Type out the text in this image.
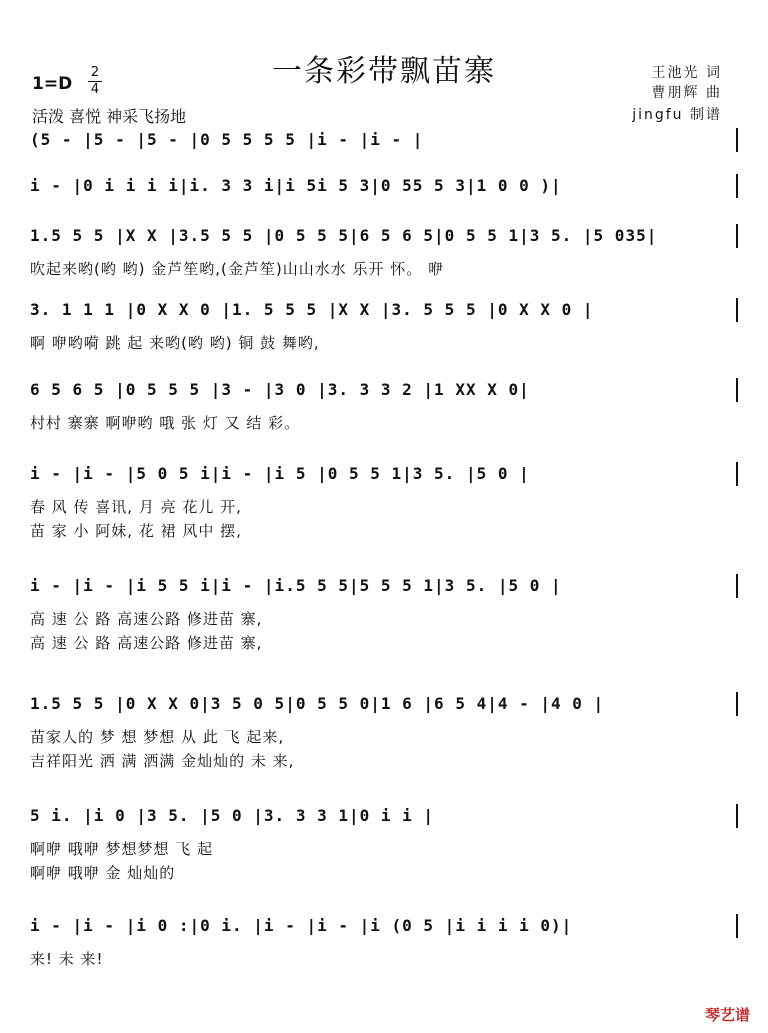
一条彩带飘苗寨
1=D
2
4
活泼 喜悦 神采飞扬地
王池光 词
曹朋辉 曲
jingfu 制谱
(5 - |5 - |5 - |0 5 5 5 5 |i - |i - |
i - |0 i i i i|i. 3 3 i|i 5i 5 3|0 55 5 3|1 0 0 )|
1.5 5 5 |X X |3.5 5 5 |0 5 5 5|6 5 6 5|0 5 5 1|3 5. |5 035|
吹起来哟(哟 哟) 金芦笙哟,(金芦笙)山山水水 乐开 怀。 咿
3. 1 1 1 |0 X X 0 |1. 5 5 5 |X X |3. 5 5 5 |0 X X 0 |
啊 咿哟嗬 跳 起 来哟(哟 哟) 铜 鼓 舞哟,
6 5 6 5 |0 5 5 5 |3 - |3 0 |3. 3 3 2 |1 XX X 0|
村村 寨寨 啊咿哟 哦 张 灯 又 结 彩。
i - |i - |5 0 5 i|i - |i 5 |0 5 5 1|3 5. |5 0 |
春 风 传 喜讯, 月 亮 花儿 开,
苗 家 小 阿妹, 花 裙 风中 摆,
i - |i - |i 5 5 i|i - |i.5 5 5|5 5 5 1|3 5. |5 0 |
高 速 公 路 高速公路 修进苗 寨,
高 速 公 路 高速公路 修进苗 寨,
1.5 5 5 |0 X X 0|3 5 0 5|0 5 5 0|1 6 |6 5 4|4 - |4 0 |
苗家人的 梦 想 梦想 从 此 飞 起来,
吉祥阳光 洒 满 洒满 金灿灿的 未 来,
5 i. |i 0 |3 5. |5 0 |3. 3 3 1|0 i i |
啊咿 哦咿 梦想梦想 飞 起
啊咿 哦咿 金 灿灿的
i - |i - |i 0 :|0 i. |i - |i - |i (0 5 |i i i i 0)|
来! 未 来!
琴艺谱
